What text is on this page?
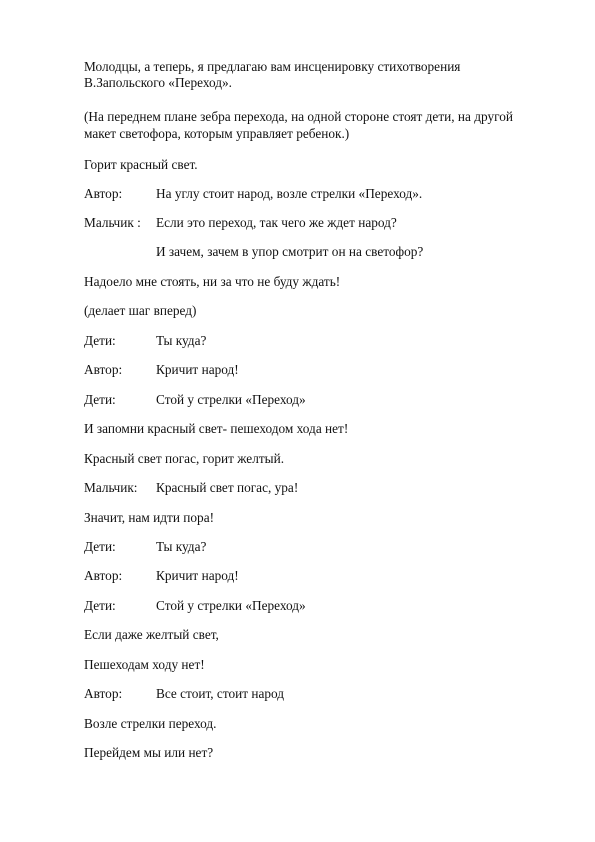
Молодцы, а теперь, я предлагаю вам инсценировку стихотворения
В.Запольского «Переход».
(На переднем плане зебра перехода, на одной стороне стоят дети, на другой
макет светофора, которым управляет ребенок.)
Горит красный свет.
Автор:	На углу стоит народ, возле стрелки «Переход».
Мальчик : Если это переход, так чего же ждет народ?
И зачем, зачем в упор смотрит он на светофор?
Надоело мне стоять, ни за что не буду ждать!
(делает шаг вперед)
Дети:	Ты куда?
Автор:	Кричит народ!
Дети:	Стой у стрелки «Переход»
И запомни красный свет- пешеходом хода нет!
Красный свет погас, горит желтый.
Мальчик: Красный свет погас, ура!
Значит, нам идти пора!
Дети:	Ты куда?
Автор:	Кричит народ!
Дети:	Стой у стрелки «Переход»
Если даже желтый свет,
Пешеходам ходу нет!
Автор:	Все стоит, стоит народ
Возле стрелки переход.
Перейдем мы или нет?
